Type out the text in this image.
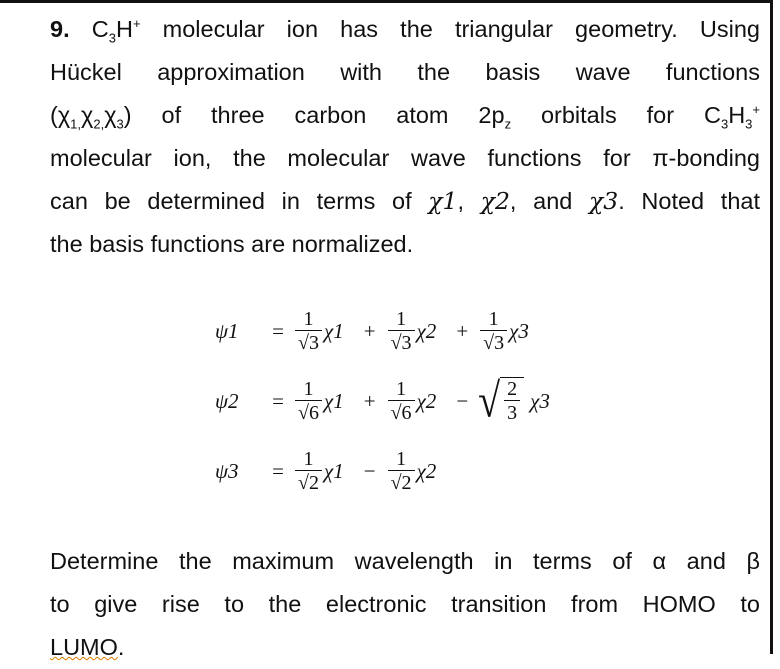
9. $C_3H_+$ molecular ion has the triangular geometry. Using
Hückel approximation with the basis wave functions
$(\chi_{1,}\chi_{2,}\chi_3)$ of three carbon atom $2p_z$ orbitals for $C_3H_3^+$
molecular ion, the molecular wave functions for π-bonding
can be determined in terms of χ1, χ2, and χ3. Noted that
the basis functions are normalized.
ψ1	= $\frac{1}{√3} \chi 1 + \frac{1}{√3} \chi 2 + \frac{1}{√3} \chi 3$
ψ2	= $\frac{1}{√6} \chi 1 + \frac{1}{√6} \chi 2$ − √ $\frac{2}{3} \chi 3$
ψ3	= $\frac{1}{√2} \chi 1 - \frac{1}{√2} \chi 2$
Determine the maximum wavelength in terms of α and β
to give rise to the electronic transition from HOMO to
LUMO.
